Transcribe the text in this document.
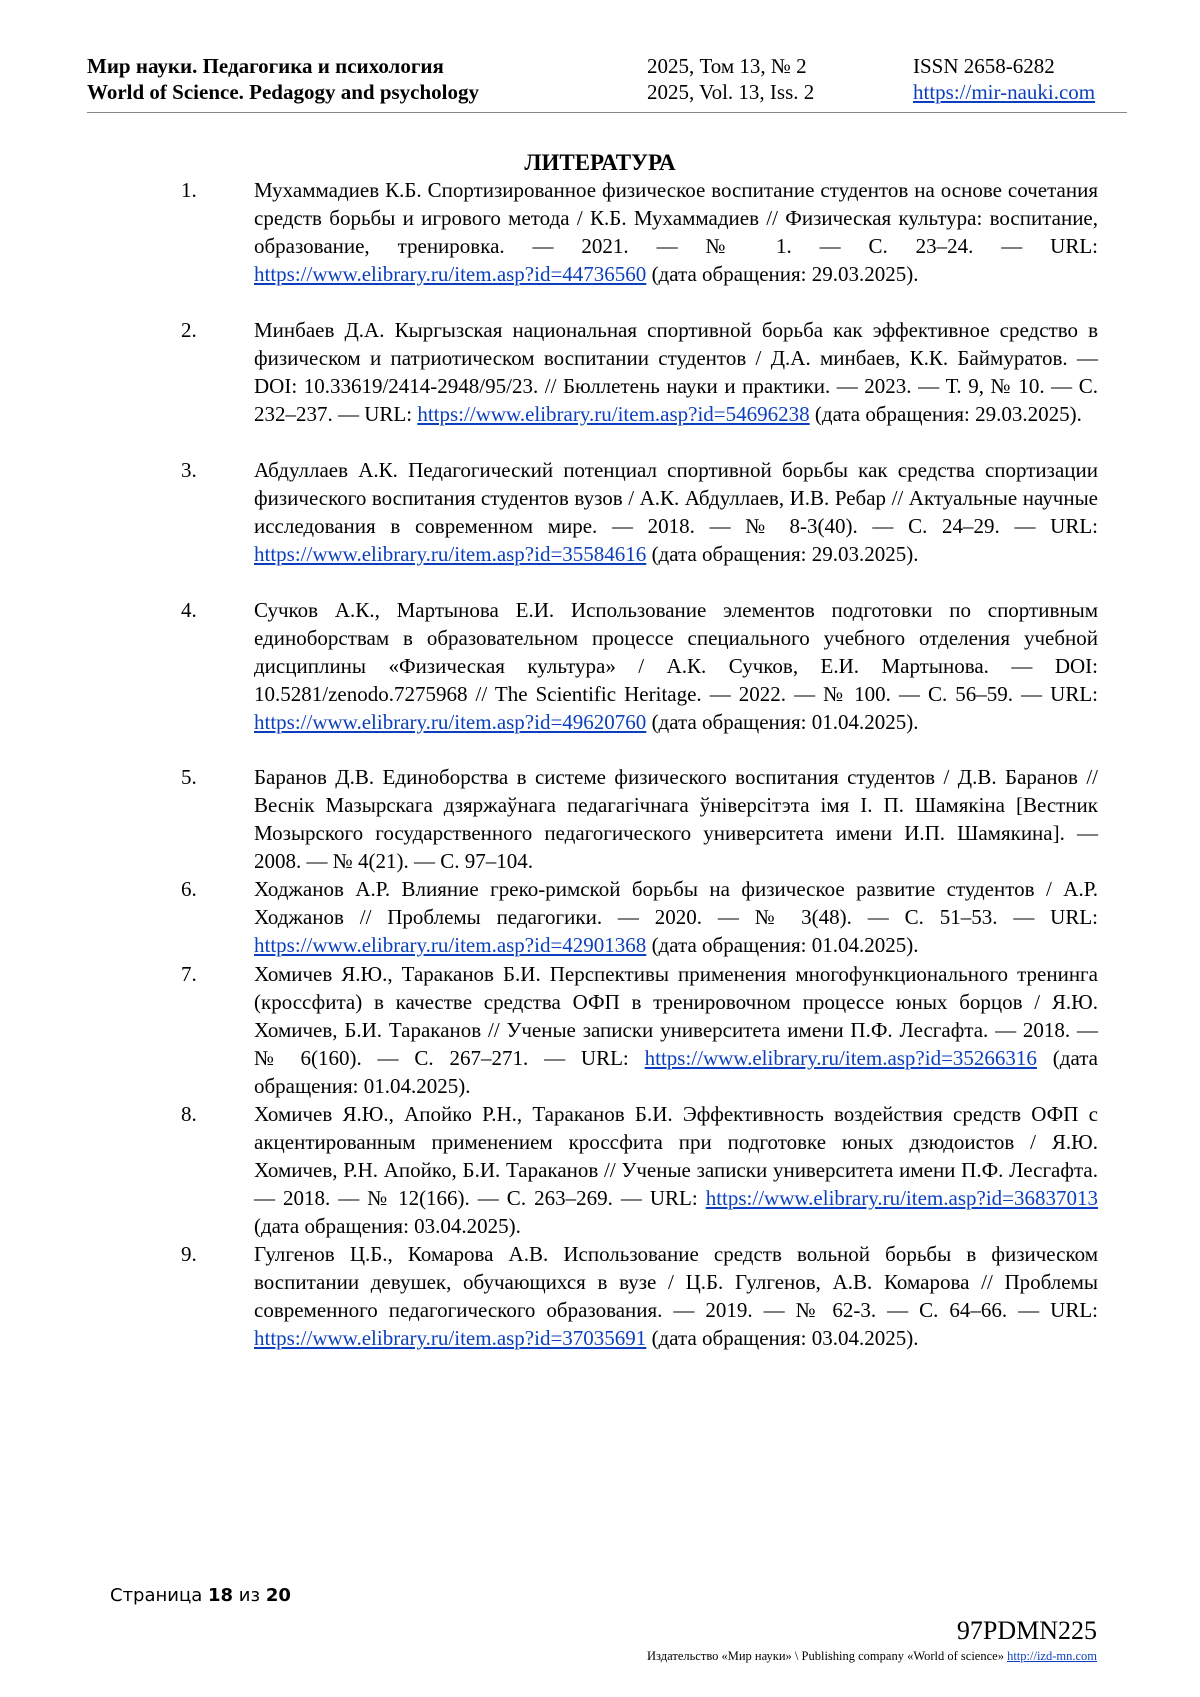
Мир науки. Педагогика и психология	2025, Том 13, № 2	ISSN 2658-6282
World of Science. Pedagogy and psychology	2025, Vol. 13, Iss. 2	https://mir-nauki.com
ЛИТЕРАТУРА
1.	Мухаммадиев К.Б. Спортизированное физическое воспитание студентов на основе сочетания средств борьбы и игрового метода / К.Б. Мухаммадиев // Физическая культура: воспитание, образование, тренировка. — 2021. — № 1. — С. 23–24. — URL: https://www.elibrary.ru/item.asp?id=44736560 (дата обращения: 29.03.2025).
2.	Минбаев Д.А. Кыргызская национальная спортивной борьба как эффективное средство в физическом и патриотическом воспитании студентов / Д.А. минбаев, К.К. Баймуратов. — DOI: 10.33619/2414-2948/95/23. // Бюллетень науки и практики. — 2023. — Т. 9, № 10. — С. 232–237. — URL: https://www.elibrary.ru/item.asp?id=54696238 (дата обращения: 29.03.2025).
3.	Абдуллаев А.К. Педагогический потенциал спортивной борьбы как средства спортизации физического воспитания студентов вузов / А.К. Абдуллаев, И.В. Ребар // Актуальные научные исследования в современном мире. — 2018. — № 8-3(40). — С. 24–29. — URL: https://www.elibrary.ru/item.asp?id=35584616 (дата обращения: 29.03.2025).
4.	Сучков А.К., Мартынова Е.И. Использование элементов подготовки по спортивным единоборствам в образовательном процессе специального учебного отделения учебной дисциплины «Физическая культура» / А.К. Сучков, Е.И. Мартынова. — DOI: 10.5281/zenodo.7275968 // The Scientific Heritage. — 2022. — № 100. — С. 56–59. — URL: https://www.elibrary.ru/item.asp?id=49620760 (дата обращения: 01.04.2025).
5.	Баранов Д.В. Единоборства в системе физического воспитания студентов / Д.В. Баранов // Веснік Мазырскага дзяржаўнага педагагічнага ўніверсітэта імя І. П. Шамякіна [Вестник Мозырского государственного педагогического университета имени И.П. Шамякина]. — 2008. — № 4(21). — С. 97–104.
6.	Ходжанов А.Р. Влияние греко-римской борьбы на физическое развитие студентов / А.Р. Ходжанов // Проблемы педагогики. — 2020. — № 3(48). — С. 51–53. — URL: https://www.elibrary.ru/item.asp?id=42901368 (дата обращения: 01.04.2025).
7.	Хомичев Я.Ю., Тараканов Б.И. Перспективы применения многофункционального тренинга (кроссфита) в качестве средства ОФП в тренировочном процессе юных борцов / Я.Ю. Хомичев, Б.И. Тараканов // Ученые записки университета имени П.Ф. Лесгафта. — 2018. — № 6(160). — С. 267–271. — URL: https://www.elibrary.ru/item.asp?id=35266316 (дата обращения: 01.04.2025).
8.	Хомичев Я.Ю., Апойко Р.Н., Тараканов Б.И. Эффективность воздействия средств ОФП с акцентированным применением кроссфита при подготовке юных дзюдоистов / Я.Ю. Хомичев, Р.Н. Апойко, Б.И. Тараканов // Ученые записки университета имени П.Ф. Лесгафта. — 2018. — № 12(166). — С. 263–269. — URL: https://www.elibrary.ru/item.asp?id=36837013 (дата обращения: 03.04.2025).
9.	Гулгенов Ц.Б., Комарова А.В. Использование средств вольной борьбы в физическом воспитании девушек, обучающихся в вузе / Ц.Б. Гулгенов, А.В. Комарова // Проблемы современного педагогического образования. — 2019. — № 62-3. — С. 64–66. — URL: https://www.elibrary.ru/item.asp?id=37035691 (дата обращения: 03.04.2025).
Страница 18 из 20
97PDMN225
Издательство «Мир науки» \ Publishing company «World of science» http://izd-mn.com
